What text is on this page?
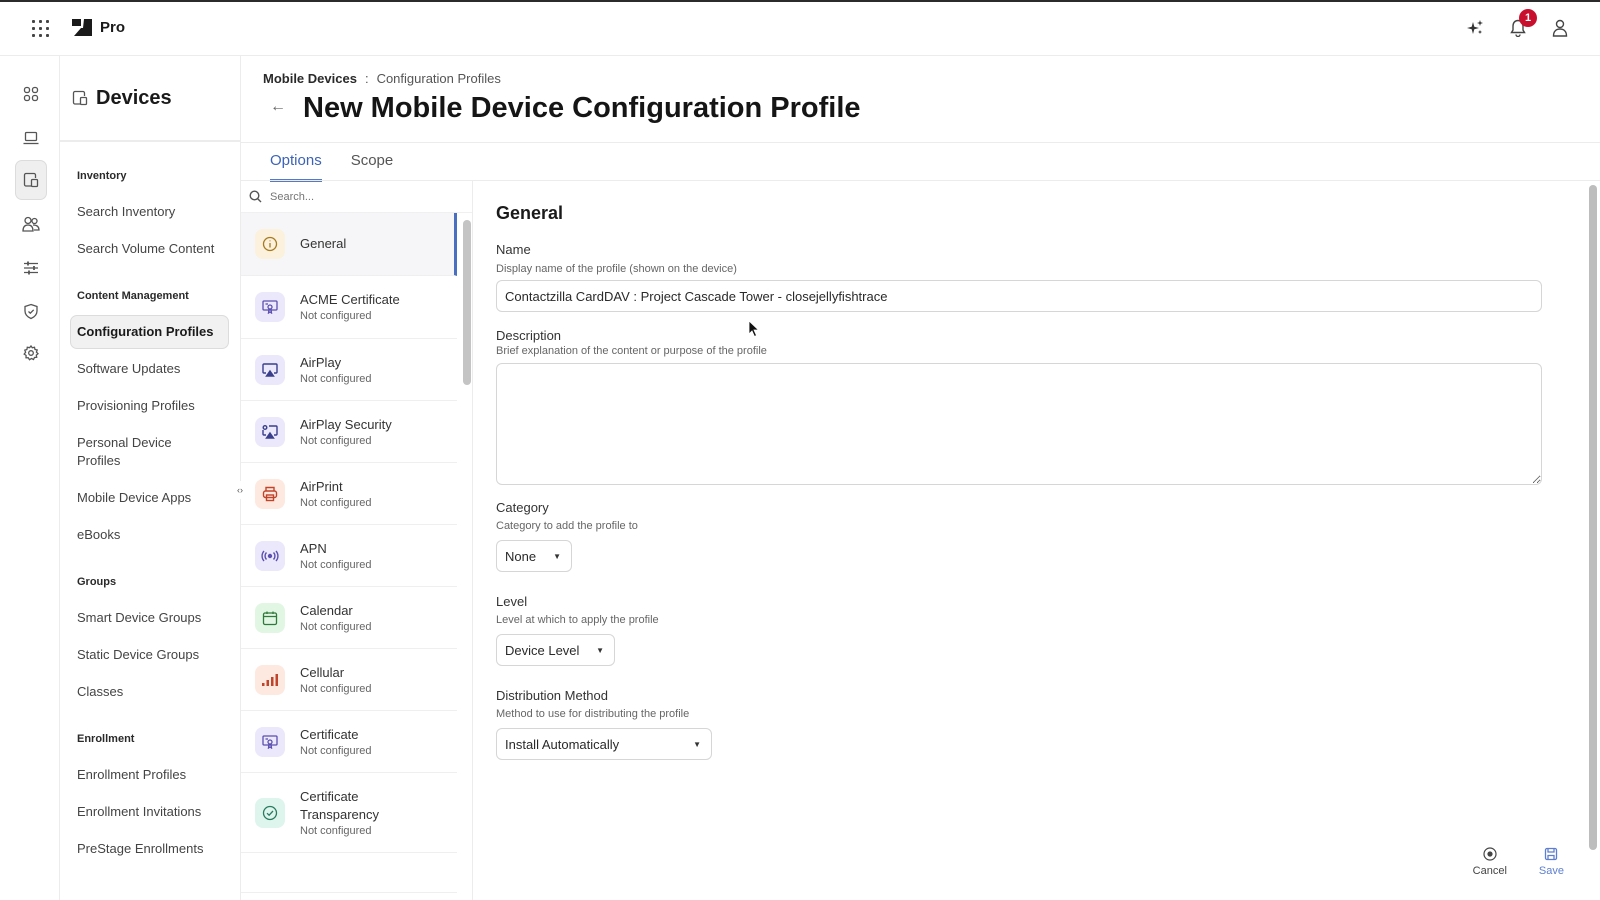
Pro
1
Devices
Inventory
Search Inventory
Search Volume Content
Content Management
Configuration Profiles
Software Updates
Provisioning Profiles
Personal Device Profiles
Mobile Device Apps
eBooks
Groups
Smart Device Groups
Static Device Groups
Classes
Enrollment
Enrollment Profiles
Enrollment Invitations
PreStage Enrollments
‹›
Mobile Devices : Configuration Profiles
← New Mobile Device Configuration Profile
Options Scope
Search...
General
ACME Certificate
Not configured
AirPlay
Not configured
AirPlay Security
Not configured
AirPrint
Not configured
APN
Not configured
Calendar
Not configured
Cellular
Not configured
Certificate
Not configured
Certificate Transparency
Not configured
General
Name
Display name of the profile (shown on the device)
Contactzilla CardDAV : Project Cascade Tower - closejellyfishtrace
Description
Brief explanation of the content or purpose of the profile
Category
Category to add the profile to
None ▼
Level
Level at which to apply the profile
Device Level ▼
Distribution Method
Method to use for distributing the profile
Install Automatically	▼
Cancel	Save
